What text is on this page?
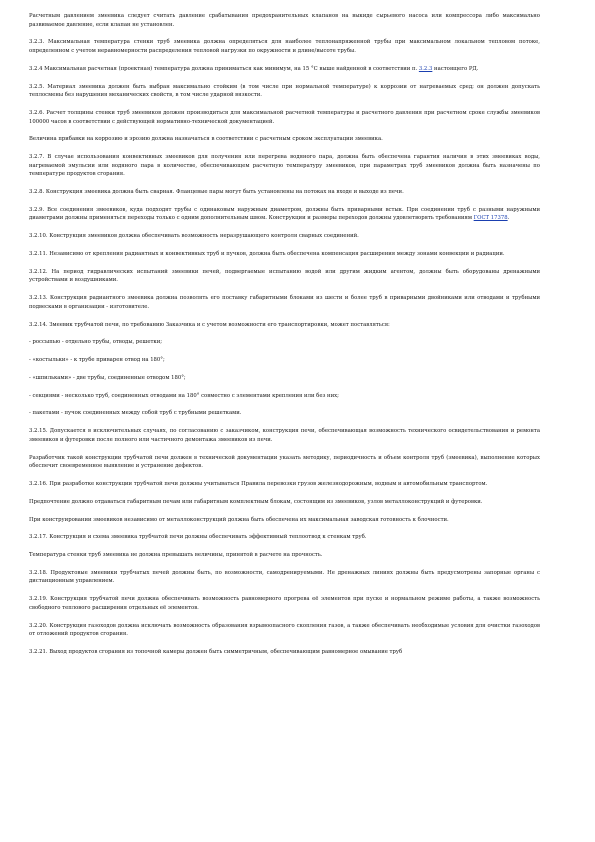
Расчетным давлением змеевика следует считать давление срабатывания предохранительных клапанов на выкиде сырьевого насоса или компрессора либо максимально развиваемое давление, если клапан не установлен.

3.2.3. Максимальная температура стенки труб змеевика должна определяться для наиболее теплонапряженной трубы при максимальном локальном тепловом потоке, определенном с учетом неравномерности распределения тепловой нагрузки по окружности и длине/высоте трубы.

3.2.4 Максимальная расчетная (проектная) температура должна приниматься как минимум, на 15 °С выше найденной в соответствии п. 3.2.3 настоящего РД.

3.2.5. Материал змеевика должен быть выбран максимально стойким (в том числе при нормальной температуре) к коррозии от нагреваемых сред; он должен допускать теплосмены без нарушения механических свойств, в том числе ударной вязкости.

3.2.6. Расчет толщины стенки труб змеевиков должен производиться для максимальной расчетной температуры и расчетного давления при расчетном сроке службы змеевиков 100000 часов в соответствии с действующей нормативно-технической документацией.

Величина прибавки на коррозию и эрозию должна назначаться в соответствии с расчетным сроком эксплуатации змеевика.

3.2.7. В случае использования конвективных змеевиков для получения или перегрева водяного пара, должна быть обеспечена гарантия наличия в этих змеевиках воды, нагреваемой эмульсии или водяного пара в количестве, обеспечивающем расчетную температуру змеевиков, при параметрах труб змеевиков должна быть назначены по температуре продуктов сгорания.

3.2.8. Конструкция змеевика должна быть сварная. Фланцевые пары могут быть установлены на потоках на входе и выходе из печи.

3.2.9. Все соединения змеевиков, куда подходят трубы с одинаковым наружным диаметром, должны быть приварными встык. При соединении труб с разными наружными диаметрами должны применяться переходы только с одним дополнительным швом. Конструкции и размеры переходов должны удовлетворять требованиям ГОСТ 17378.

3.2.10. Конструкция змеевиков должна обеспечивать возможность неразрушающего контроля сварных соединений.

3.2.11. Независимо от крепления радиантных и конвективных труб и пучков, должна быть обеспечена компенсация расширения между зонами конвекции и радиации.

3.2.12. На период гидравлических испытаний змеевики печей, подвергаемые испытанию водой или другим жидким агентом, должны быть оборудованы дренажными устройствами и воздушниками.

3.2.13. Конструкция радиантного змеевика должна позволять его поставку габаритными блоками из шести и более труб в приварными двойниками или отводами и трубными подвесками в организации - изготовителе.

3.2.14. Змеевик трубчатой печи, по требованию Заказчика и с учетом возможности его транспортировки, может поставляться:

- россыпью - отдельно трубы, отводы, решетки;

- «костыльки» - к трубе приварен отвод на 180°;

- «шпильками» - две трубы, соединенные отводом 180°;

- секциями - несколько труб, соединенных отводами на 180° совместно с элементами крепления или без них;

- пакетами - пучок соединенных между собой труб с трубными решетками.

3.2.15. Допускается в исключительных случаях, по согласованию с заказчиком, конструкция печи, обеспечивающая возможность технического освидетельствования и ремонта змеевиков и футеровки после полного или частичного демонтажа змеевиков из печи.

Разработчик такой конструкции трубчатой печи должен в технической документации указать методику, периодичность и объем контроля труб (змеевика), выполнение которых обеспечит своевременное выявление и устранение дефектов.

3.2.16. При разработке конструкции трубчатой печи должны учитываться Правила перевозки грузов железнодорожным, водным и автомобильным транспортом.

Предпочтение должно отдаваться габаритным печам или габаритным комплектным блокам, состоящим из змеевиков, узлов металлоконструкций и футеровки.

При конструировании змеевиков независимо от металлоконструкций должна быть обеспечена их максимальная заводская готовность к блочности.

3.2.17. Конструкция и схема змеевика трубчатой печи должны обеспечивать эффективный теплоотвод к стенкам труб.

Температура стенки труб змеевика не должна превышать величины, принятой в расчете на прочность.

3.2.18. Продуктовые змеевики трубчатых печей должны быть, по возможности, самодренируемыми. Не дренажных линиях должны быть предусмотрены запорные органы с дистанционным управлением.

3.2.19. Конструкция трубчатой печи должна обеспечивать возможность равномерного прогрева её элементов при пуске и нормальном режиме работы, а также возможность свободного теплового расширения отдельных её элементов.

3.2.20. Конструкция газоходов должна исключать возможность образования взрывоопасного скопления газов, а также обеспечивать необходимые условия для очистки газоходов от отложений продуктов сгорания.

3.2.21. Выход продуктов сгорания из топочной камеры должен быть симметричным, обеспечивающим равномерное омывание труб
